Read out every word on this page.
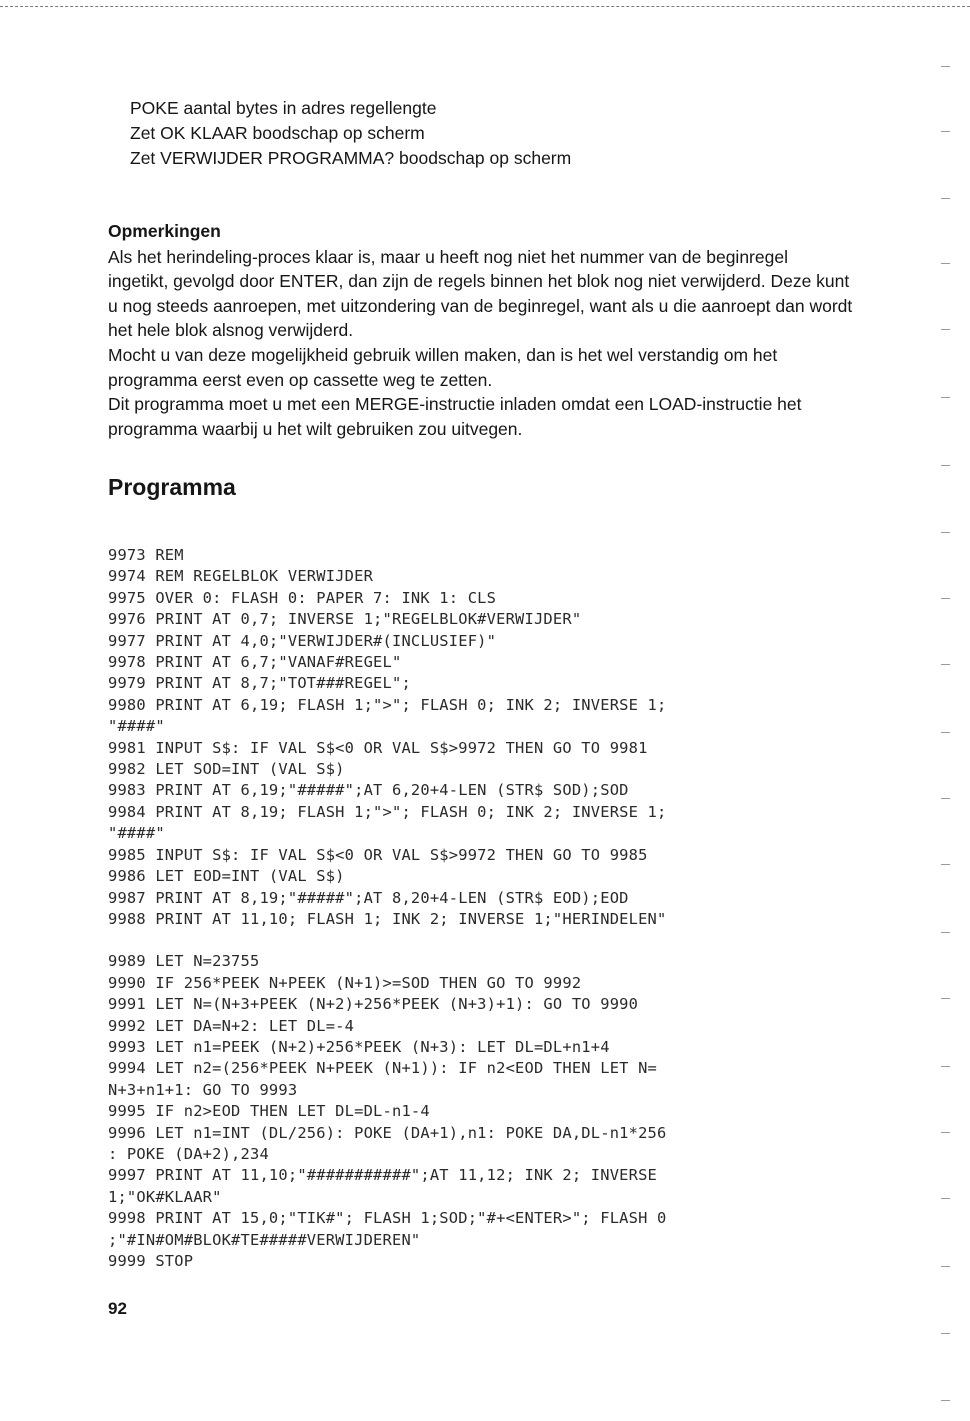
POKE aantal bytes in adres regellengte
Zet OK KLAAR boodschap op scherm
Zet VERWIJDER PROGRAMMA? boodschap op scherm
Opmerkingen

Als het herindeling-proces klaar is, maar u heeft nog niet het nummer van de beginregel ingetikt, gevolgd door ENTER, dan zijn de regels binnen het blok nog niet verwijderd. Deze kunt u nog steeds aanroepen, met uitzondering van de beginregel, want als u die aanroept dan wordt het hele blok alsnog verwijderd.

Mocht u van deze mogelijkheid gebruik willen maken, dan is het wel verstandig om het programma eerst even op cassette weg te zetten.

Dit programma moet u met een MERGE-instructie inladen omdat een LOAD-instructie het programma waarbij u het wilt gebruiken zou uitvegen.

Programma
9973 REM
9974 REM REGELBLOK VERWIJDER
9975 OVER 0: FLASH 0: PAPER 7: INK 1: CLS
9976 PRINT AT 0,7; INVERSE 1;"REGELBLOK#VERWIJDER"
9977 PRINT AT 4,0;"VERWIJDER#(INCLUSIEF)"
9978 PRINT AT 6,7;"VANAF#REGEL"
9979 PRINT AT 8,7;"TOT###REGEL";
9980 PRINT AT 6,19; FLASH 1;">"; FLASH 0; INK 2; INVERSE 1;
"####"
9981 INPUT S$: IF VAL S$<0 OR VAL S$>9972 THEN GO TO 9981
9982 LET SOD=INT (VAL S$)
9983 PRINT AT 6,19;"#####";AT 6,20+4-LEN (STR$ SOD);SOD
9984 PRINT AT 8,19; FLASH 1;">"; FLASH 0; INK 2; INVERSE 1;
"####"
9985 INPUT S$: IF VAL S$<0 OR VAL S$>9972 THEN GO TO 9985
9986 LET EOD=INT (VAL S$)
9987 PRINT AT 8,19;"#####";AT 8,20+4-LEN (STR$ EOD);EOD
9988 PRINT AT 11,10; FLASH 1; INK 2; INVERSE 1;"HERINDELEN"
9989 LET N=23755
9990 IF 256*PEEK N+PEEK (N+1)>=SOD THEN GO TO 9992
9991 LET N=(N+3+PEEK (N+2)+256*PEEK (N+3)+1): GO TO 9990
9992 LET DA=N+2: LET DL=-4
9993 LET n1=PEEK (N+2)+256*PEEK (N+3): LET DL=DL+n1+4
9994 LET n2=(256*PEEK N+PEEK (N+1)): IF n2<EOD THEN LET N=
N+3+n1+1: GO TO 9993
9995 IF n2>EOD THEN LET DL=DL-n1-4
9996 LET n1=INT (DL/256): POKE (DA+1),n1: POKE DA,DL-n1*256
: POKE (DA+2),234
9997 PRINT AT 11,10;"###########";AT 11,12; INK 2; INVERSE
1;"OK#KLAAR"
9998 PRINT AT 15,0;"TIK#"; FLASH 1;SOD;"#+<ENTER>"; FLASH 0
;"#IN#OM#BLOK#TE#####VERWIJDEREN"
9999 STOP
92
